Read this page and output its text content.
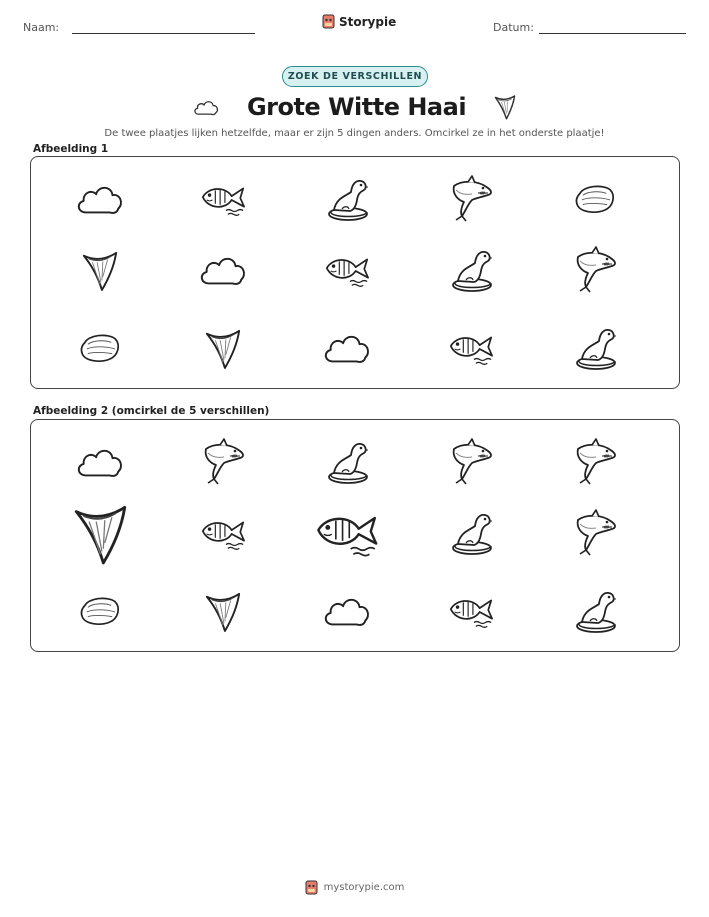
Naam:	Storypie	Datum:
ZOEK DE VERSCHILLEN
Grote Witte Haai
De twee plaatjes lijken hetzelfde, maar er zijn 5 dingen anders. Omcirkel ze in het onderste plaatje!
Afbeelding 1
Afbeelding 2 (omcirkel de 5 verschillen)
mystorypie.com
